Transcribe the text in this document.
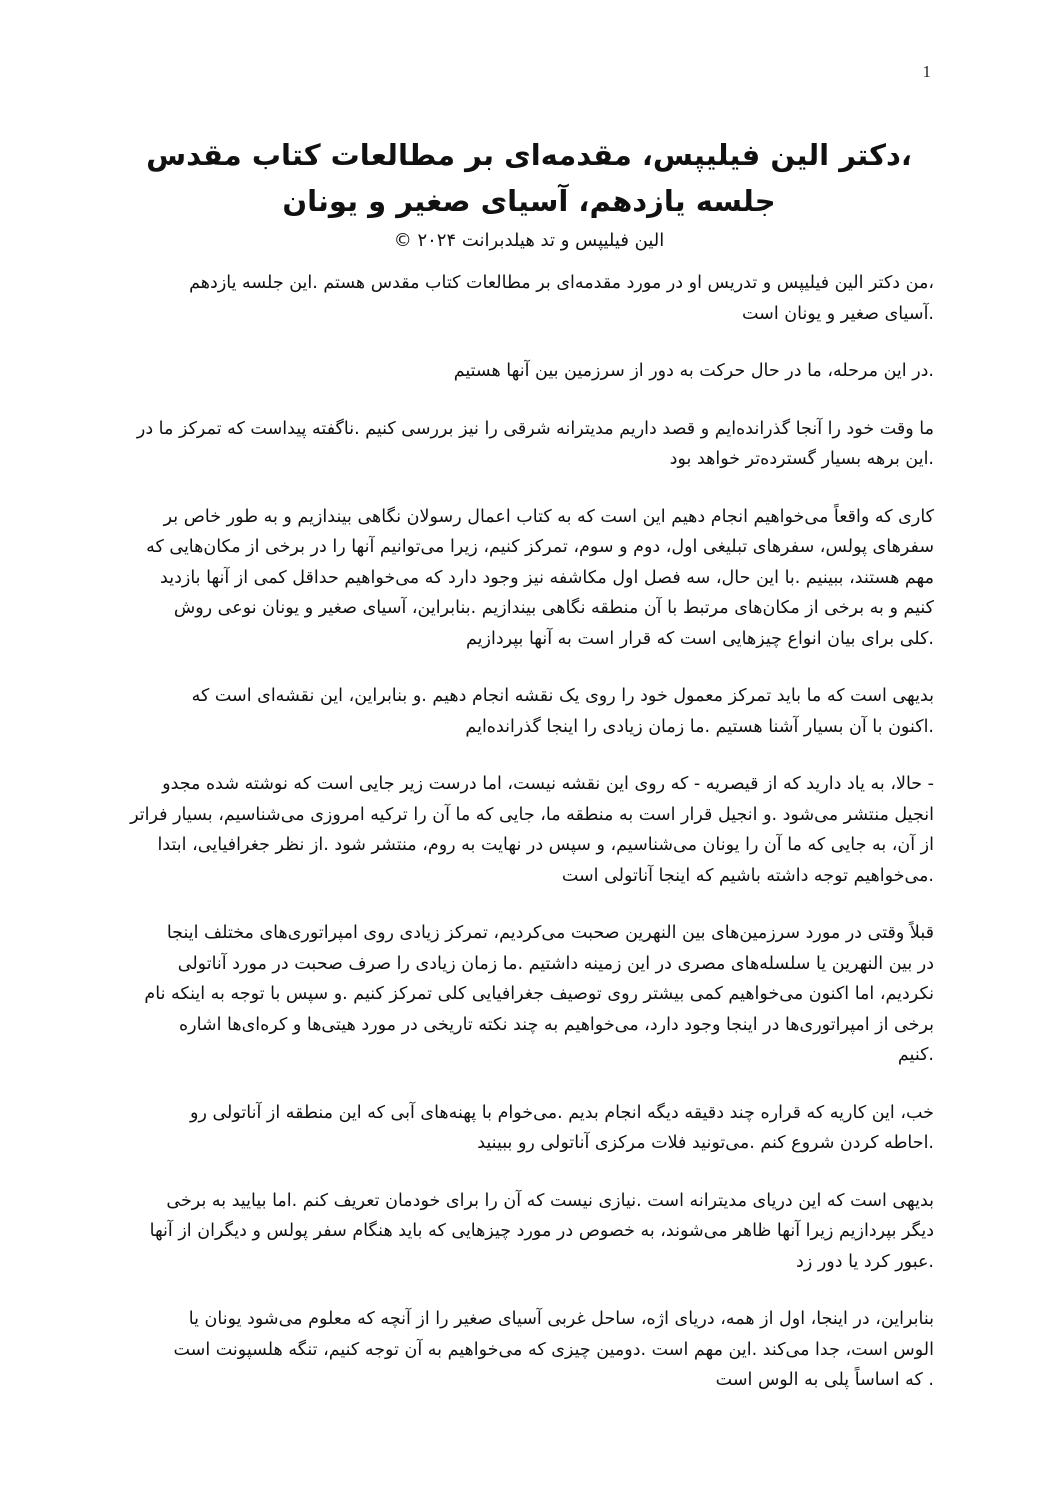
1
،دکتر الین فیلیپس، مقدمه‌ای بر مطالعات کتاب مقدس
جلسه یازدهم، آسیای صغیر و یونان
الین فیلیپس و تد هیلدبرانت ۲۰۲۴ ©

،من دکتر الین فیلیپس و تدریس او در مورد مقدمه‌ای بر مطالعات کتاب مقدس هستم .این جلسه یازدهم
.آسیای صغیر و یونان است

.در این مرحله، ما در حال حرکت به دور از سرزمین بین آنها هستیم

ما وقت خود را آنجا گذرانده‌ایم و قصد داریم مدیترانه شرقی را نیز بررسی کنیم .ناگفته پیداست که تمرکز ما در
.این برهه بسیار گسترده‌تر خواهد بود

کاری که واقعاً می‌خواهیم انجام دهیم این است که به کتاب اعمال رسولان نگاهی بیندازیم و به طور خاص بر
سفرهای پولس، سفرهای تبلیغی اول، دوم و سوم، تمرکز کنیم، زیرا می‌توانیم آنها را در برخی از مکان‌هایی که
مهم هستند، ببینیم .با این حال، سه فصل اول مکاشفه نیز وجود دارد که می‌خواهیم حداقل کمی از آنها بازدید
کنیم و به برخی از مکان‌های مرتبط با آن منطقه نگاهی بیندازیم .بنابراین، آسیای صغیر و یونان نوعی روش
.کلی برای بیان انواع چیزهایی است که قرار است به آنها بپردازیم

بدیهی است که ما باید تمرکز معمول خود را روی یک نقشه انجام دهیم .و بنابراین، این نقشه‌ای است که
.اکنون با آن بسیار آشنا هستیم .ما زمان زیادی را اینجا گذرانده‌ایم

- حالا، به یاد دارید که از قیصریه - که روی این نقشه نیست، اما درست زیر جایی است که نوشته شده مجدو
انجیل منتشر می‌شود .و انجیل قرار است به منطقه ما، جایی که ما آن را ترکیه امروزی می‌شناسیم، بسیار فراتر
از آن، به جایی که ما آن را یونان می‌شناسیم، و سپس در نهایت به روم، منتشر شود .از نظر جغرافیایی، ابتدا
.می‌خواهیم توجه داشته باشیم که اینجا آناتولی است

قبلاً وقتی در مورد سرزمین‌های بین النهرین صحبت می‌کردیم، تمرکز زیادی روی امپراتوری‌های مختلف اینجا
در بین النهرین یا سلسله‌های مصری در این زمینه داشتیم .ما زمان زیادی را صرف صحبت در مورد آناتولی
نکردیم، اما اکنون می‌خواهیم کمی بیشتر روی توصیف جغرافیایی کلی تمرکز کنیم .و سپس با توجه به اینکه نام
برخی از امپراتوری‌ها در اینجا وجود دارد، می‌خواهیم به چند نکته تاریخی در مورد هیتی‌ها و کره‌ای‌ها اشاره
.کنیم

خب، این کاریه که قراره چند دقیقه دیگه انجام بدیم .می‌خوام با پهنه‌های آبی که این منطقه از آناتولی رو
.احاطه کردن شروع کنم .می‌تونید فلات مرکزی آناتولی رو ببینید

بدیهی است که این دریای مدیترانه است .نیازی نیست که آن را برای خودمان تعریف کنم .اما بیایید به برخی
دیگر بپردازیم زیرا آنها ظاهر می‌شوند، به خصوص در مورد چیزهایی که باید هنگام سفر پولس و دیگران از آنها
.عبور کرد یا دور زد

بنابراین، در اینجا، اول از همه، دریای اژه، ساحل غربی آسیای صغیر را از آنچه که معلوم می‌شود یونان یا
الوس است، جدا می‌کند .این مهم است .دومین چیزی که می‌خواهیم به آن توجه کنیم، تنگه هلسپونت است
. که اساساً پلی به الوس است
